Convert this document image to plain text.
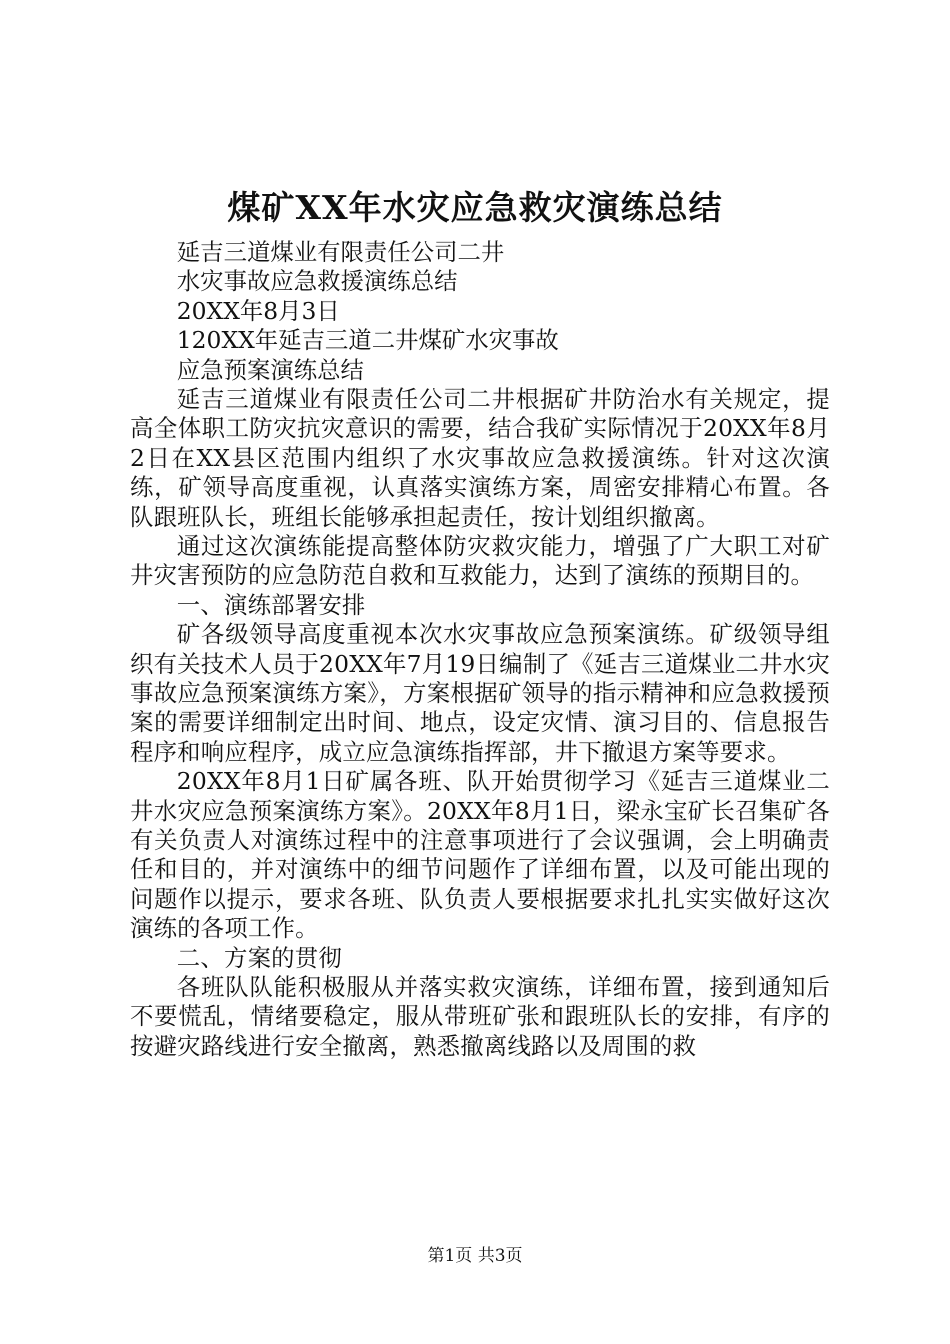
煤矿XX年水灾应急救灾演练总结

延吉三道煤业有限责任公司二井

水灾事故应急救援演练总结

20XX年8月3日

120XX年延吉三道二井煤矿水灾事故

应急预案演练总结

延吉三道煤业有限责任公司二井根据矿井防治水有关规定，提高全体职工防灾抗灾意识的需要，结合我矿实际情况于20XX年8月2日在XX县区范围内组织了水灾事故应急救援演练。针对这次演练，矿领导高度重视，认真落实演练方案，周密安排精心布置。各队跟班队长，班组长能够承担起责任，按计划组织撤离。

通过这次演练能提高整体防灾救灾能力，增强了广大职工对矿井灾害预防的应急防范自救和互救能力，达到了演练的预期目的。

一、演练部署安排

矿各级领导高度重视本次水灾事故应急预案演练。矿级领导组织有关技术人员于20XX年7月19日编制了《延吉三道煤业二井水灾事故应急预案演练方案》，方案根据矿领导的指示精神和应急救援预案的需要详细制定出时间、地点，设定灾情、演习目的、信息报告程序和响应程序，成立应急演练指挥部，井下撤退方案等要求。

20XX年8月1日矿属各班、队开始贯彻学习《延吉三道煤业二井水灾应急预案演练方案》。20XX年8月1日，梁永宝矿长召集矿各有关负责人对演练过程中的注意事项进行了会议强调，会上明确责任和目的，并对演练中的细节问题作了详细布置，以及可能出现的问题作以提示，要求各班、队负责人要根据要求扎扎实实做好这次演练的各项工作。

二、方案的贯彻

各班队队能积极服从并落实救灾演练，详细布置，接到通知后不要慌乱，情绪要稳定，服从带班矿张和跟班队长的安排，有序的按避灾路线进行安全撤离，熟悉撤离线路以及周围的救

第1页 共3页
